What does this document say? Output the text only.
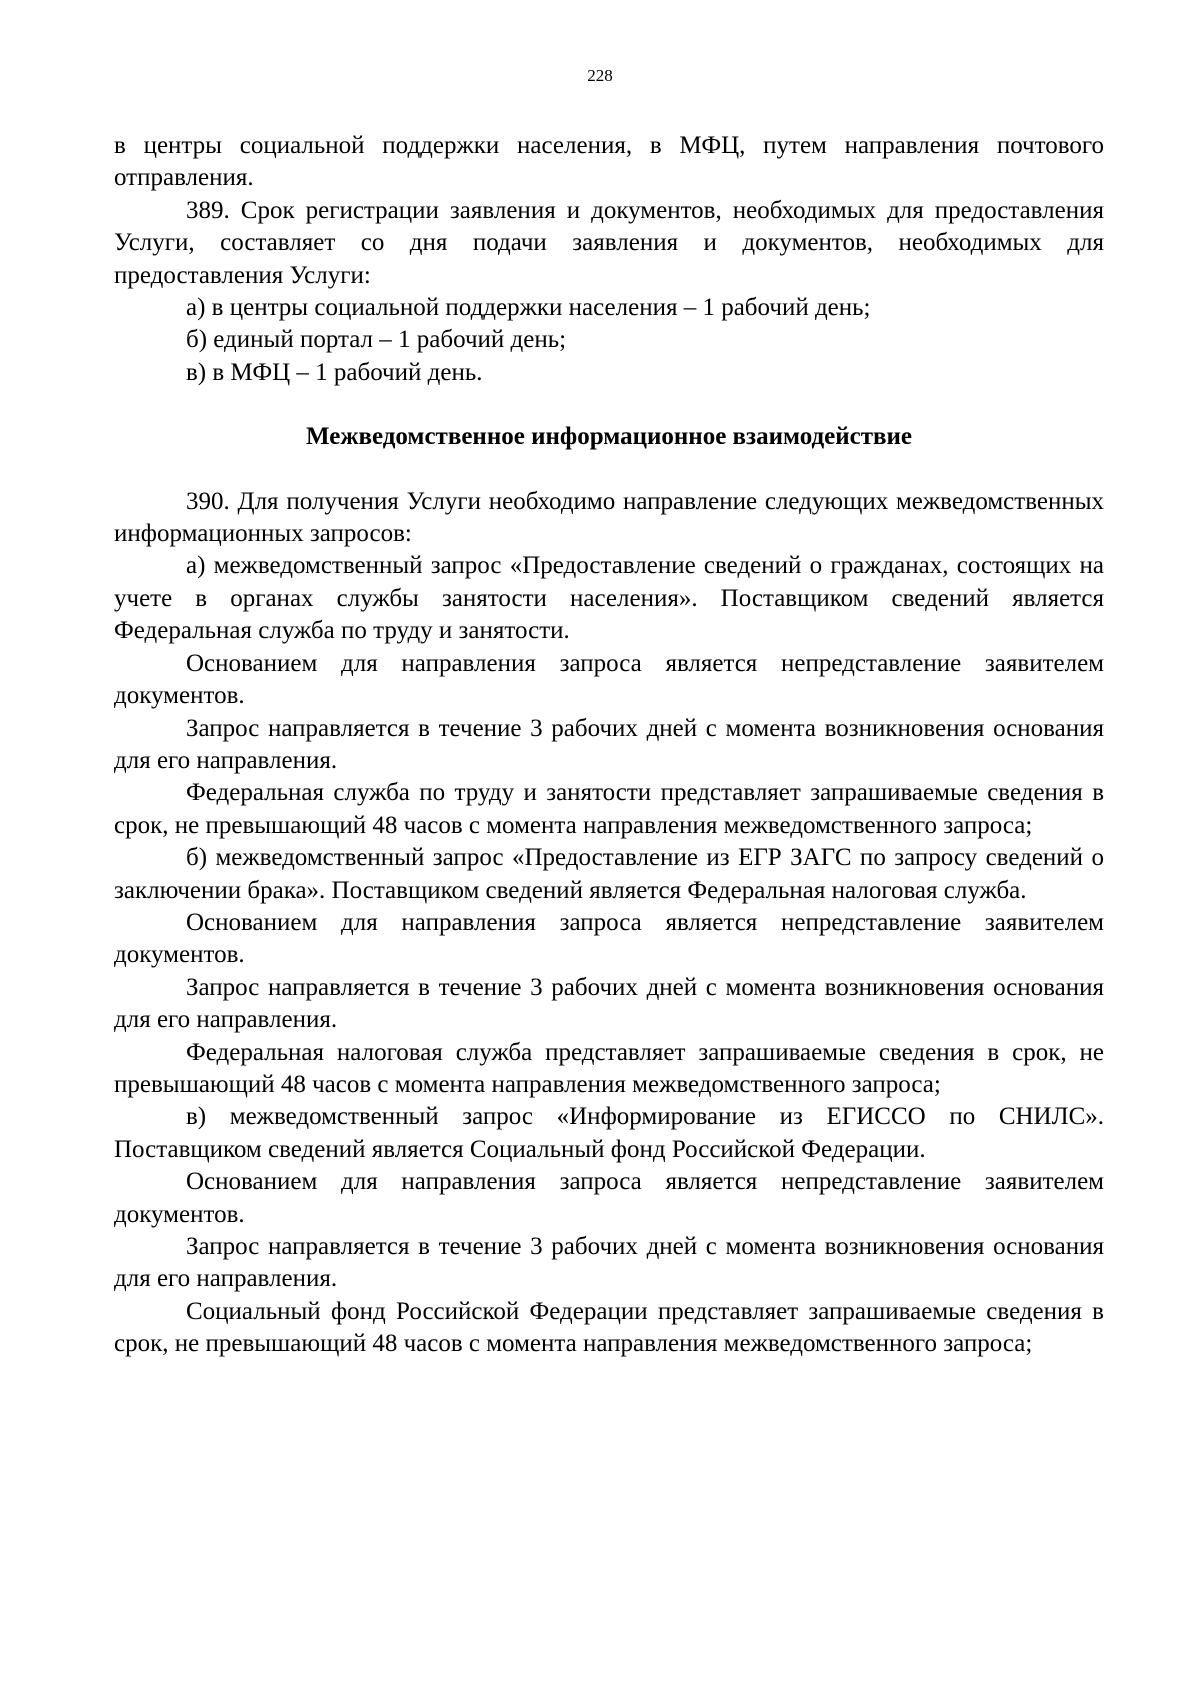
228

в центры социальной поддержки населения, в МФЦ, путем направления почтового отправления.

389. Срок регистрации заявления и документов, необходимых для предоставления Услуги, составляет со дня подачи заявления и документов, необходимых для предоставления Услуги:

а) в центры социальной поддержки населения – 1 рабочий день;

б) единый портал – 1 рабочий день;

в) в МФЦ – 1 рабочий день.

Межведомственное информационное взаимодействие

390. Для получения Услуги необходимо направление следующих межведомственных информационных запросов:

а) межведомственный запрос «Предоставление сведений о гражданах, состоящих на учете в органах службы занятости населения». Поставщиком сведений является Федеральная служба по труду и занятости.

Основанием для направления запроса является непредставление заявителем документов.

Запрос направляется в течение 3 рабочих дней с момента возникновения основания для его направления.

Федеральная служба по труду и занятости представляет запрашиваемые сведения в срок, не превышающий 48 часов с момента направления межведомственного запроса;

б) межведомственный запрос «Предоставление из ЕГР ЗАГС по запросу сведений о заключении брака». Поставщиком сведений является Федеральная налоговая служба.

Основанием для направления запроса является непредставление заявителем документов.

Запрос направляется в течение 3 рабочих дней с момента возникновения основания для его направления.

Федеральная налоговая служба представляет запрашиваемые сведения в срок, не превышающий 48 часов с момента направления межведомственного запроса;

в) межведомственный запрос «Информирование из ЕГИССО по СНИЛС». Поставщиком сведений является Социальный фонд Российской Федерации.

Основанием для направления запроса является непредставление заявителем документов.

Запрос направляется в течение 3 рабочих дней с момента возникновения основания для его направления.

Социальный фонд Российской Федерации представляет запрашиваемые сведения в срок, не превышающий 48 часов с момента направления межведомственного запроса;
